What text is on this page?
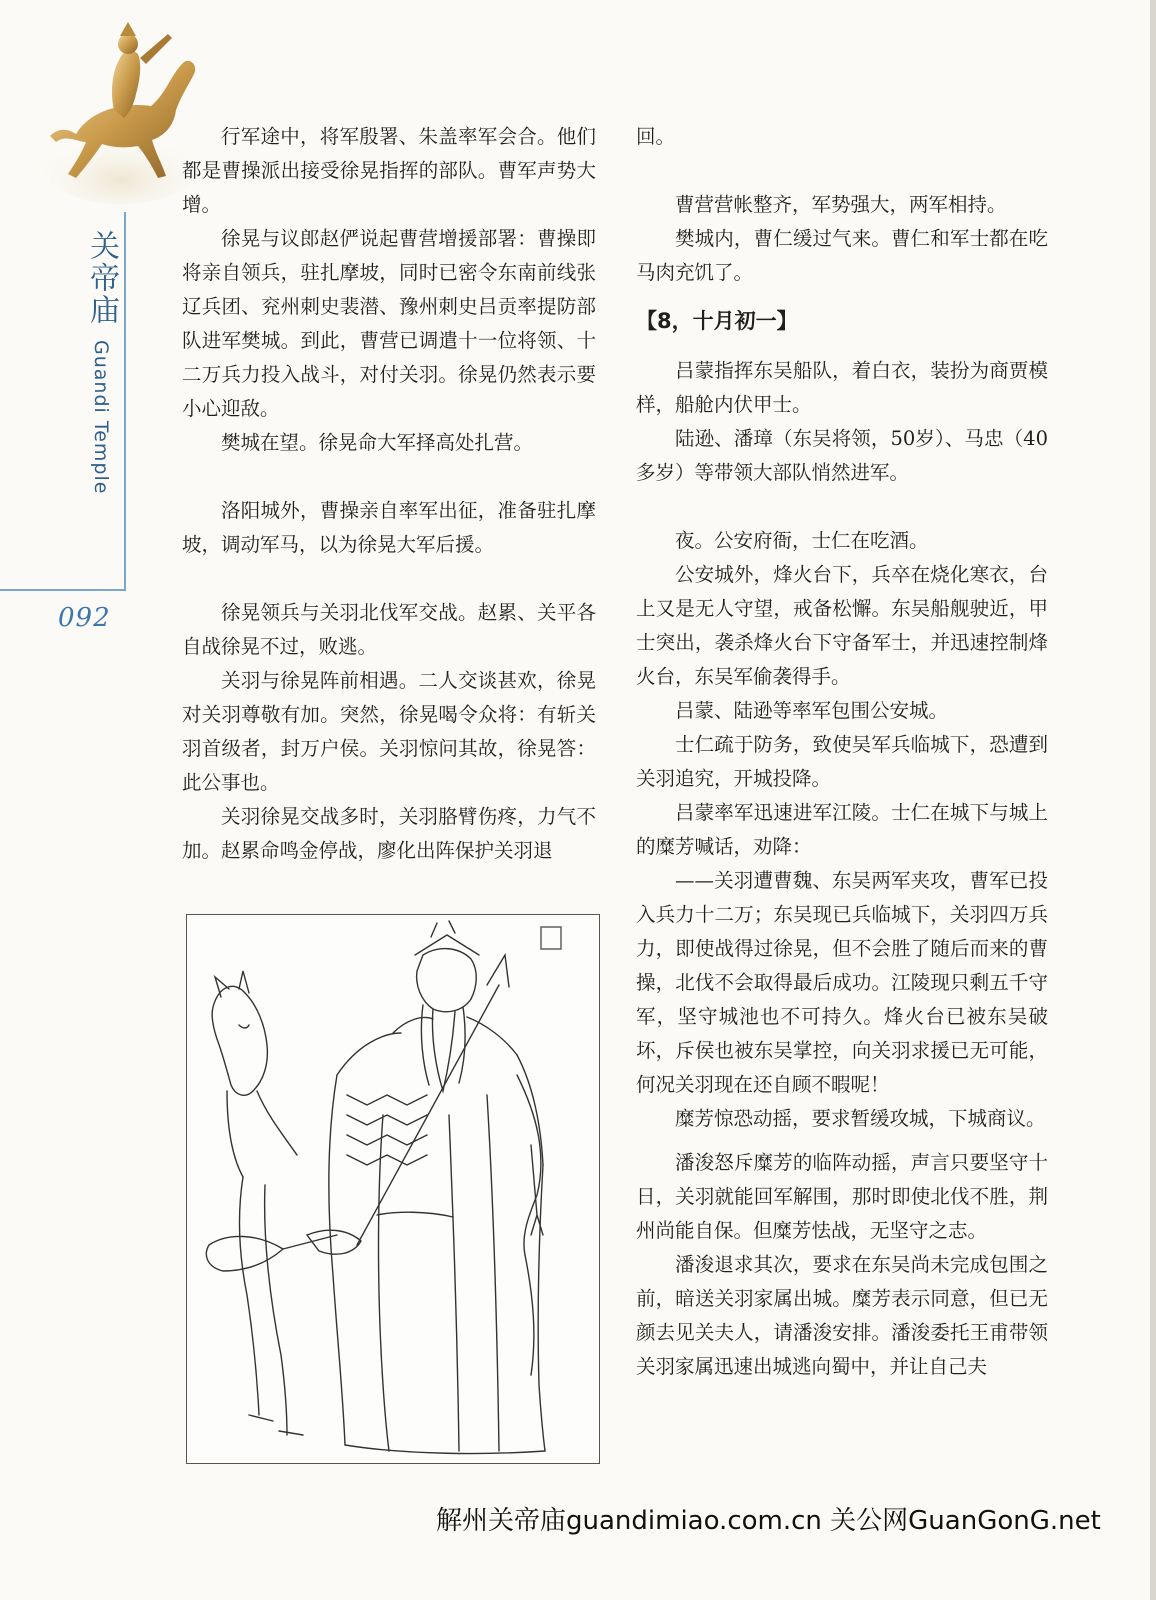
关帝庙
Guandi Temple
092

行军途中，将军殷署、朱盖率军会合。他们都是曹操派出接受徐晃指挥的部队。曹军声势大增。

徐晃与议郎赵俨说起曹营增援部署：曹操即将亲自领兵，驻扎摩坡，同时已密令东南前线张辽兵团、兖州刺史裴潜、豫州刺史吕贡率提防部队进军樊城。到此，曹营已调遣十一位将领、十二万兵力投入战斗，对付关羽。徐晃仍然表示要小心迎敌。

樊城在望。徐晃命大军择高处扎营。

洛阳城外，曹操亲自率军出征，准备驻扎摩坡，调动军马，以为徐晃大军后援。

徐晃领兵与关羽北伐军交战。赵累、关平各自战徐晃不过，败逃。

关羽与徐晃阵前相遇。二人交谈甚欢，徐晃对关羽尊敬有加。突然，徐晃喝令众将：有斩关羽首级者，封万户侯。关羽惊问其故，徐晃答：此公事也。

关羽徐晃交战多时，关羽胳臂伤疼，力气不加。赵累命鸣金停战，廖化出阵保护关羽退

回。

曹营营帐整齐，军势强大，两军相持。

樊城内，曹仁缓过气来。曹仁和军士都在吃马肉充饥了。

【8，十月初一】

吕蒙指挥东吴船队，着白衣，装扮为商贾模样，船舱内伏甲士。

陆逊、潘璋（东吴将领，50岁）、马忠（40多岁）等带领大部队悄然进军。

夜。公安府衙，士仁在吃酒。

公安城外，烽火台下，兵卒在烧化寒衣，台上又是无人守望，戒备松懈。东吴船舰驶近，甲士突出，袭杀烽火台下守备军士，并迅速控制烽火台，东吴军偷袭得手。

吕蒙、陆逊等率军包围公安城。

士仁疏于防务，致使吴军兵临城下，恐遭到关羽追究，开城投降。

吕蒙率军迅速进军江陵。士仁在城下与城上的糜芳喊话，劝降：

——关羽遭曹魏、东吴两军夹攻，曹军已投入兵力十二万；东吴现已兵临城下，关羽四万兵力，即使战得过徐晃，但不会胜了随后而来的曹操，北伐不会取得最后成功。江陵现只剩五千守军，坚守城池也不可持久。烽火台已被东吴破坏，斥侯也被东吴掌控，向关羽求援已无可能，何况关羽现在还自顾不暇呢！

糜芳惊恐动摇，要求暂缓攻城，下城商议。

潘浚怒斥糜芳的临阵动摇，声言只要坚守十日，关羽就能回军解围，那时即使北伐不胜，荆州尚能自保。但糜芳怯战，无坚守之志。

潘浚退求其次，要求在东吴尚未完成包围之前，暗送关羽家属出城。糜芳表示同意，但已无颜去见关夫人，请潘浚安排。潘浚委托王甫带领关羽家属迅速出城逃向蜀中，并让自己夫

解州关帝庙guandimiao.com.cn 关公网GuanGonG.net
